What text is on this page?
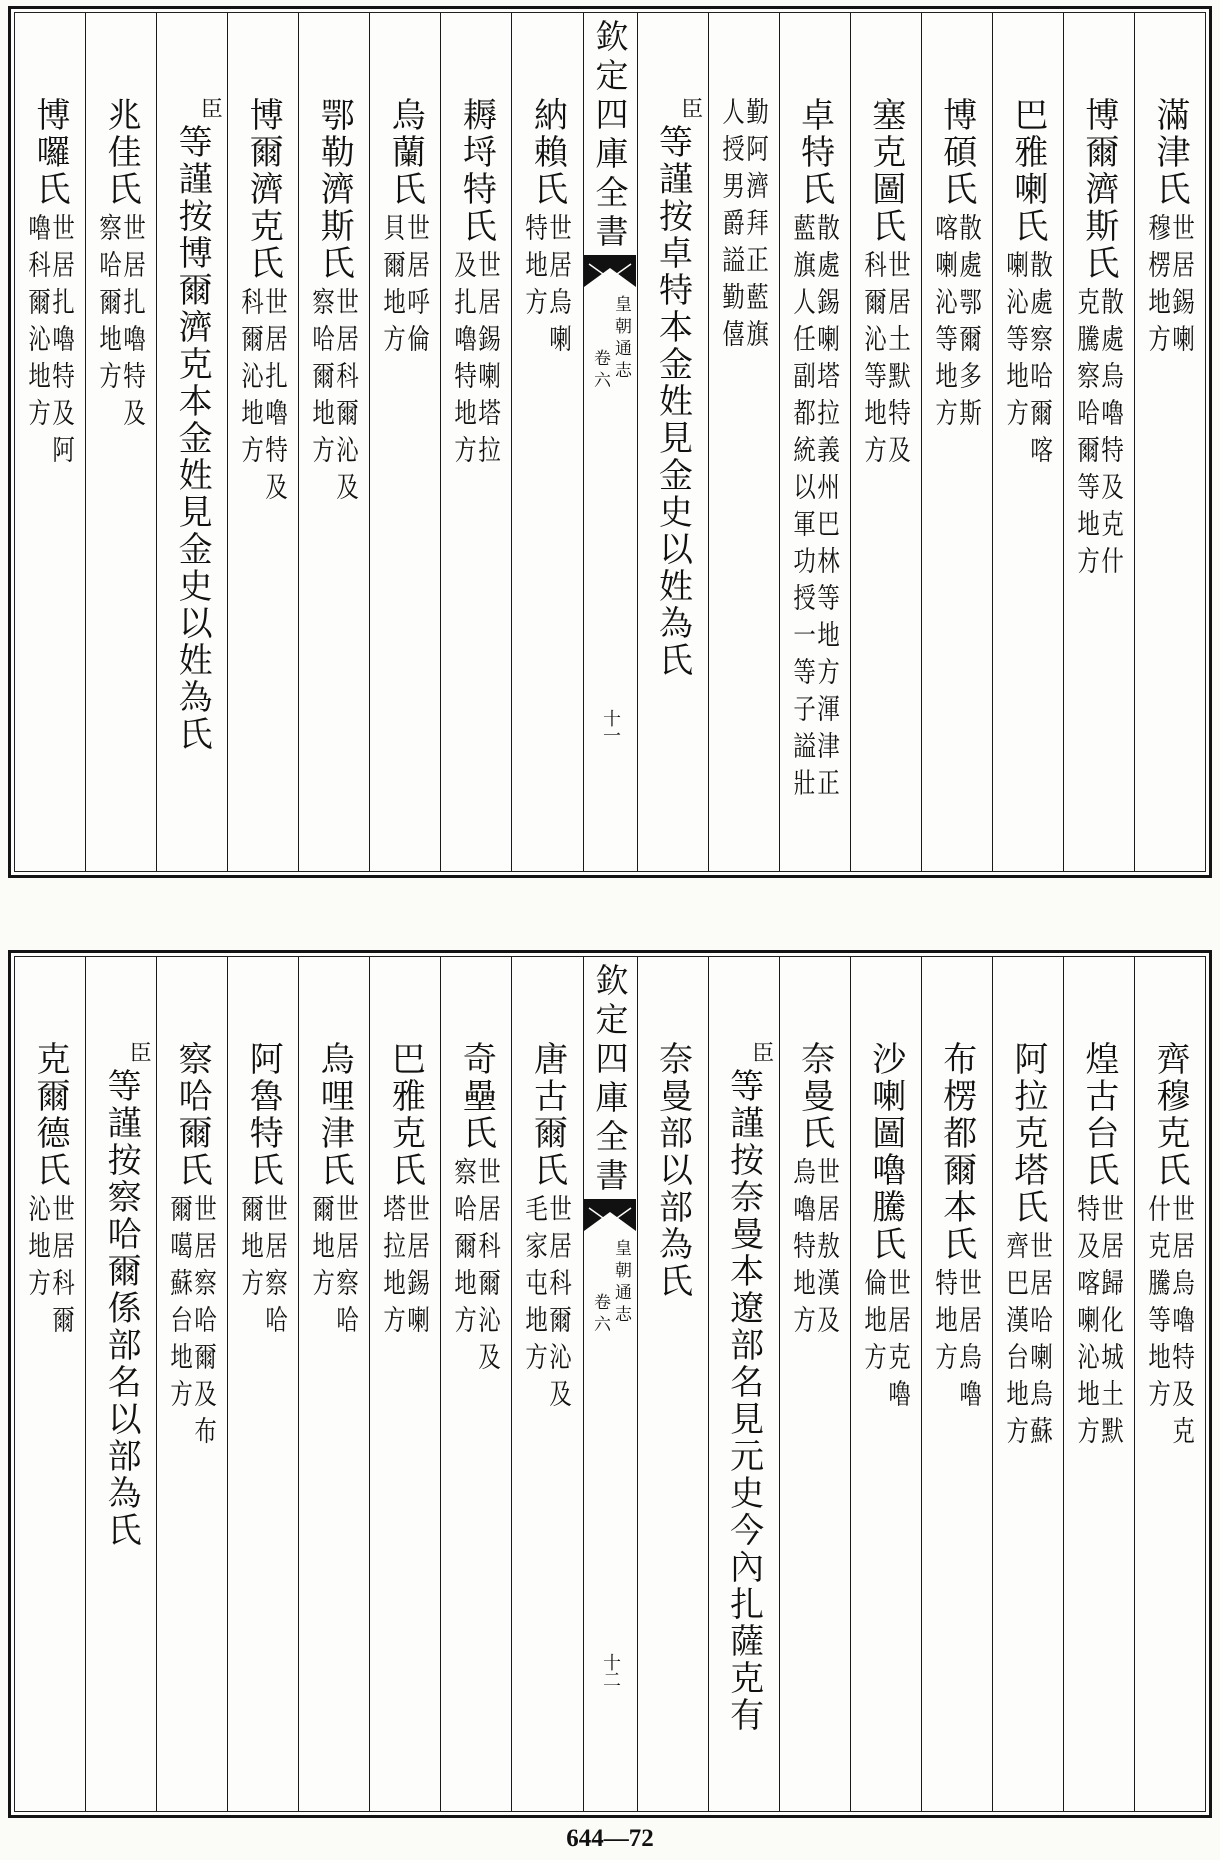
滿津氏
世居錫喇
穆楞地方
博爾濟斯氏
散處烏嚕特及克什
克騰察哈爾等地方
巴雅喇氏
散處察哈爾喀
喇沁等地方
博碩氏
散處鄂爾多斯
喀喇沁等地方
塞克圖氏
世居土默特及
科爾沁等地方
卓特氏
散處錫喇塔拉義州巴林等地方渾津正
藍旗人任副都統以軍功授一等子謚壯
勤阿濟拜正藍旗
人授男爵謚勤僖
臣
等謹按卓特本金姓見金史以姓為氏
欽定四庫全書
皇朝通志
卷六
十一
納賴氏
世居烏喇
特地方
耨埒特氏
世居錫喇塔拉
及扎嚕特地方
烏蘭氏
世居呼倫
貝爾地方
鄂勒濟斯氏
世居科爾沁及
察哈爾地方
博爾濟克氏
世居扎嚕特及
科爾沁地方
臣
等謹按博爾濟克本金姓見金史以姓為氏
兆佳氏
世居扎嚕特及
察哈爾地方
博囉氏
世居扎嚕特及阿
嚕科爾沁地方
齊穆克氏
世居烏嚕特及克
什克騰等地方
煌古台氏
世居歸化城土默
特及喀喇沁地方
阿拉克塔氏
世居哈喇烏蘇
齊巴漢台地方
布楞都爾本氏
世居烏嚕
特地方
沙喇圖嚕騰氏
世居克嚕
倫地方
奈曼氏
世居敖漢及
烏嚕特地方
臣
等謹按奈曼本遼部名見元史今內扎薩克有
奈曼部以部為氏
欽定四庫全書
皇朝通志
卷六
十二
唐古爾氏
世居科爾沁及
毛家屯地方
奇壘氏
世居科爾沁及
察哈爾地方
巴雅克氏
世居錫喇
塔拉地方
烏哩津氏
世居察哈
爾地方
阿魯特氏
世居察哈
爾地方
察哈爾氏
世居察哈爾及布
爾噶蘇台地方
臣
等謹按察哈爾係部名以部為氏
克爾德氏
世居科爾
沁地方
644—72
